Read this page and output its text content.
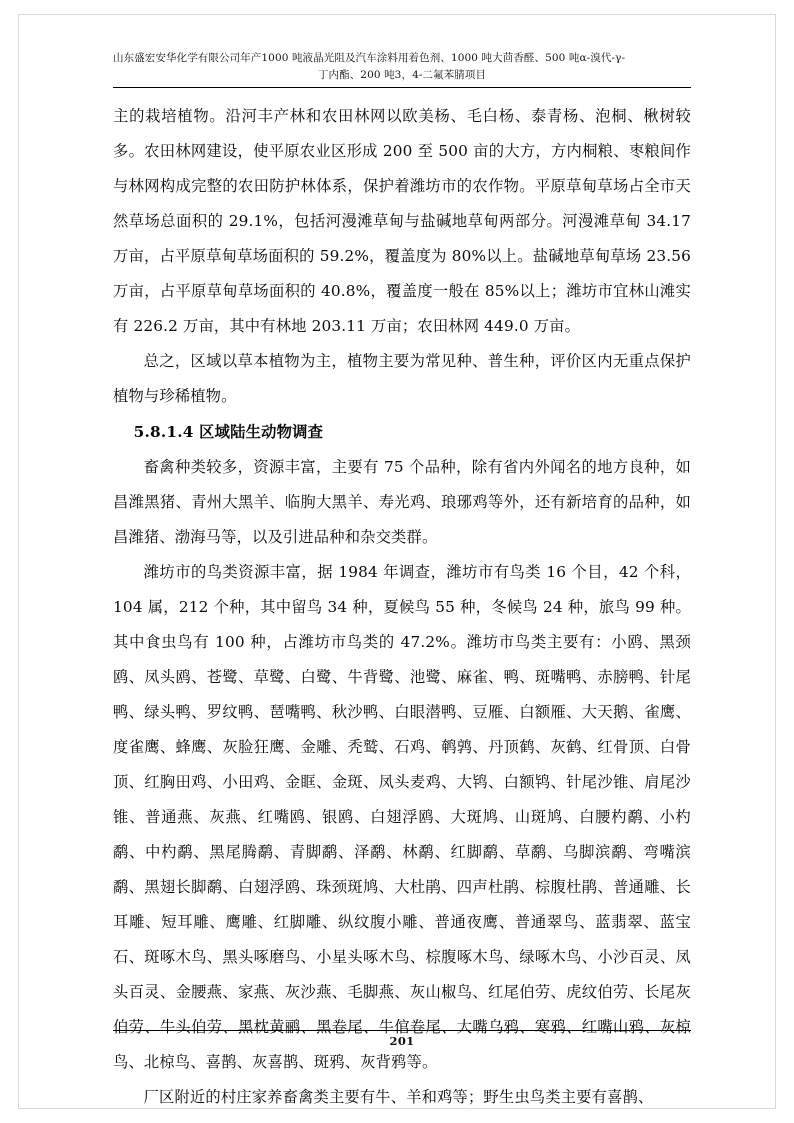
山东盛宏安华化学有限公司年产1000 吨液晶光阻及汽车涂料用着色剂、1000 吨大茴香醛、500 吨α-溴代-γ-
丁内酯、200 吨3，4-二氟苯腈项目

主的栽培植物。沿河丰产林和农田林网以欧美杨、毛白杨、泰青杨、泡桐、楸树较多。农田林网建设，使平原农业区形成 200 至 500 亩的大方，方内桐粮、枣粮间作与林网构成完整的农田防护林体系，保护着潍坊市的农作物。平原草甸草场占全市天然草场总面积的 29.1%，包括河漫滩草甸与盐碱地草甸两部分。河漫滩草甸 34.17 万亩，占平原草甸草场面积的 59.2%，覆盖度为 80%以上。盐碱地草甸草场 23.56 万亩，占平原草甸草场面积的 40.8%，覆盖度一般在 85%以上；潍坊市宜林山滩实有 226.2 万亩，其中有林地 203.11 万亩；农田林网 449.0 万亩。

总之，区域以草本植物为主，植物主要为常见种、普生种，评价区内无重点保护植物与珍稀植物。

5.8.1.4 区域陆生动物调查

畜禽种类较多，资源丰富，主要有 75 个品种，除有省内外闻名的地方良种，如昌潍黑猪、青州大黑羊、临朐大黑羊、寿光鸡、琅琊鸡等外，还有新培育的品种，如昌潍猪、渤海马等，以及引进品种和杂交类群。

潍坊市的鸟类资源丰富，据 1984 年调查，潍坊市有鸟类 16 个目，42 个科，104 属，212 个种，其中留鸟 34 种，夏候鸟 55 种，冬候鸟 24 种，旅鸟 99 种。其中食虫鸟有 100 种，占潍坊市鸟类的 47.2%。潍坊市鸟类主要有：小鸥、黑颈鸥、凤头鸥、苍鹭、草鹭、白鹭、牛背鹭、池鹭、麻雀、鸭、斑嘴鸭、赤膀鸭、针尾鸭、绿头鸭、罗纹鸭、琶嘴鸭、秋沙鸭、白眼潜鸭、豆雁、白额雁、大天鹅、雀鹰、度雀鹰、蜂鹰、灰脸狂鹰、金雕、秃鹫、石鸡、鹌鹑、丹顶鹤、灰鹤、红骨顶、白骨顶、红胸田鸡、小田鸡、金眶、金斑、凤头麦鸡、大鸨、白额鸨、针尾沙锥、肩尾沙锥、普通燕、灰燕、红嘴鸥、银鸥、白翅浮鸥、大斑鸠、山斑鸠、白腰杓鹬、小杓鹬、中杓鹬、黑尾腾鹬、青脚鹬、泽鹬、林鹬、红脚鹬、草鹬、乌脚滨鹬、弯嘴滨鹬、黑翅长脚鹬、白翅浮鸥、珠颈斑鸠、大杜鹃、四声杜鹃、棕腹杜鹃、普通雕、长耳雕、短耳雕、鹰雕、红脚雕、纵纹腹小雕、普通夜鹰、普通翠鸟、蓝翡翠、蓝宝石、斑啄木鸟、黑头啄磨鸟、小星头啄木鸟、棕腹啄木鸟、绿啄木鸟、小沙百灵、凤头百灵、金腰燕、家燕、灰沙燕、毛脚燕、灰山椒鸟、红尾伯劳、虎纹伯劳、长尾灰伯劳、牛头伯劳、黑枕黄鹂、黑卷尾、牛倌卷尾、大嘴乌鸦、寒鸦、红嘴山鸦、灰椋鸟、北椋鸟、喜鹊、灰喜鹊、斑鸦、灰背鸦等。

厂区附近的村庄家养畜禽类主要有牛、羊和鸡等；野生虫鸟类主要有喜鹊、

201
